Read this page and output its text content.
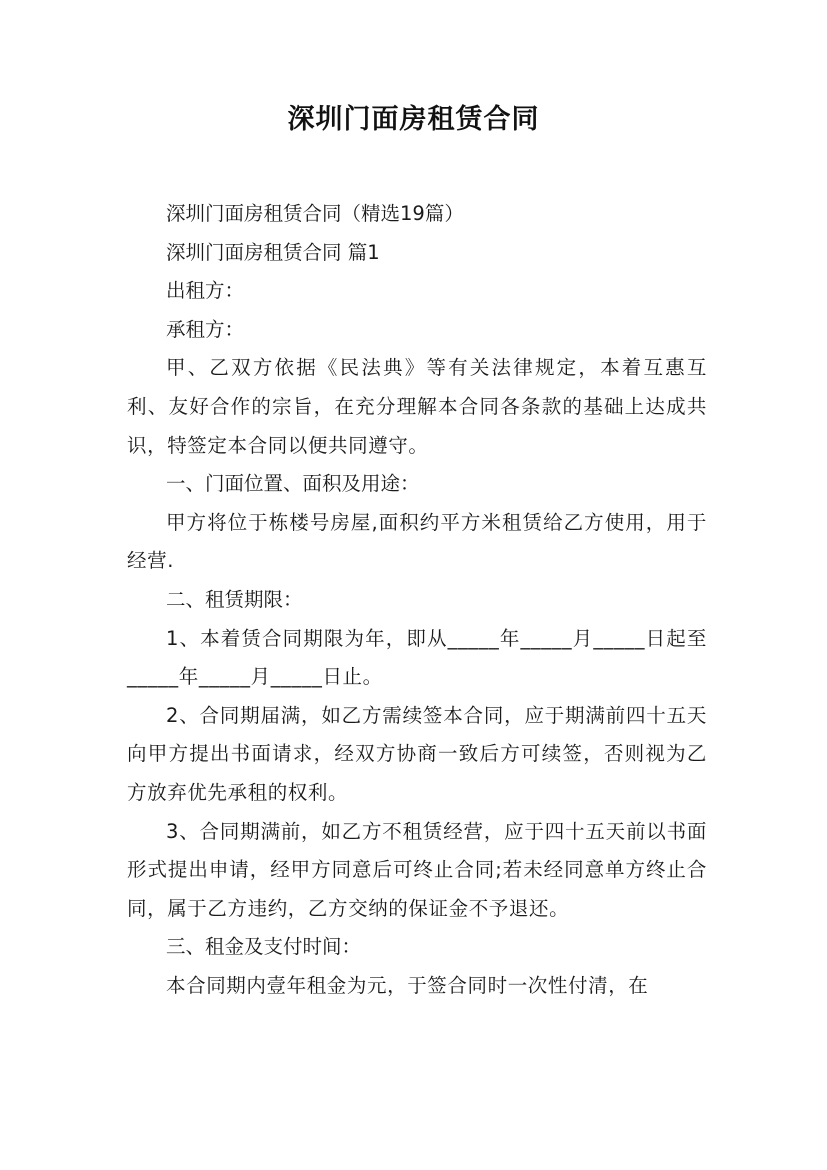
深圳门面房租赁合同

深圳门面房租赁合同（精选19篇）

深圳门面房租赁合同 篇1

出租方：

承租方：

甲、乙双方依据《民法典》等有关法律规定，本着互惠互利、友好合作的宗旨，在充分理解本合同各条款的基础上达成共识，特签定本合同以便共同遵守。

一、门面位置、面积及用途：

甲方将位于栋楼号房屋,面积约平方米租赁给乙方使用，用于经营.

二、租赁期限：

1、本着赁合同期限为年，即从_____年_____月_____日起至_____年_____月_____日止。

2、合同期届满，如乙方需续签本合同，应于期满前四十五天向甲方提出书面请求，经双方协商一致后方可续签，否则视为乙方放弃优先承租的权利。

3、合同期满前，如乙方不租赁经营，应于四十五天前以书面形式提出申请，经甲方同意后可终止合同;若未经同意单方终止合同，属于乙方违约，乙方交纳的保证金不予退还。

三、租金及支付时间：

本合同期内壹年租金为元，于签合同时一次性付清，在
